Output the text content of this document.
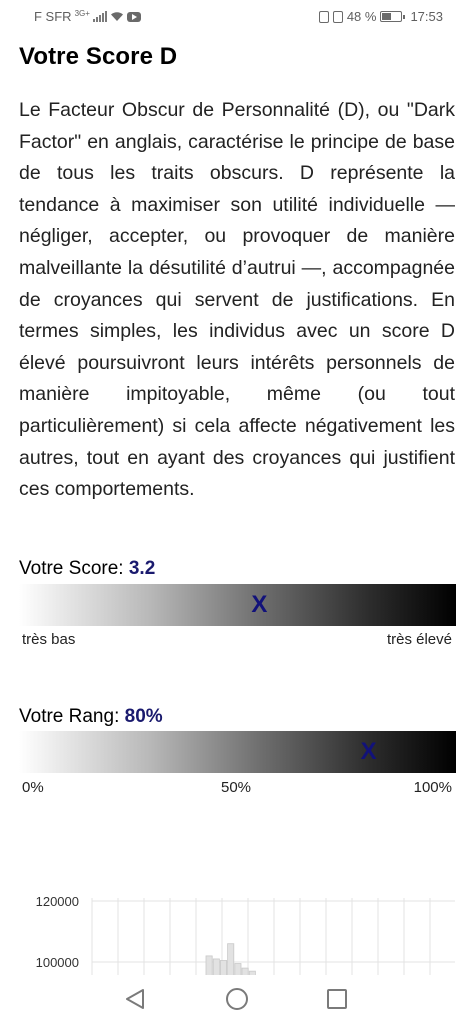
F SFR 3G+	48 %	17:53
Votre Score D

Le Facteur Obscur de Personnalité (D), ou "Dark Factor" en anglais, caractérise le principe de base de tous les traits obscurs. D représente la tendance à maximiser son utilité individuelle — négliger, accepter, ou provoquer de manière malveillante la désutilité d’autrui —, accompagnée de croyances qui servent de justifications. En termes simples, les individus avec un score D élevé poursuivront leurs intérêts personnels de manière impitoyable, même (ou tout particulièrement) si cela affecte négativement les autres, tout en ayant des croyances qui justifient ces comportements.

Votre Score: 3.2
X
très bas	très élevé
Votre Rang: 80%
X
0%	50%	100%
120000
100000
